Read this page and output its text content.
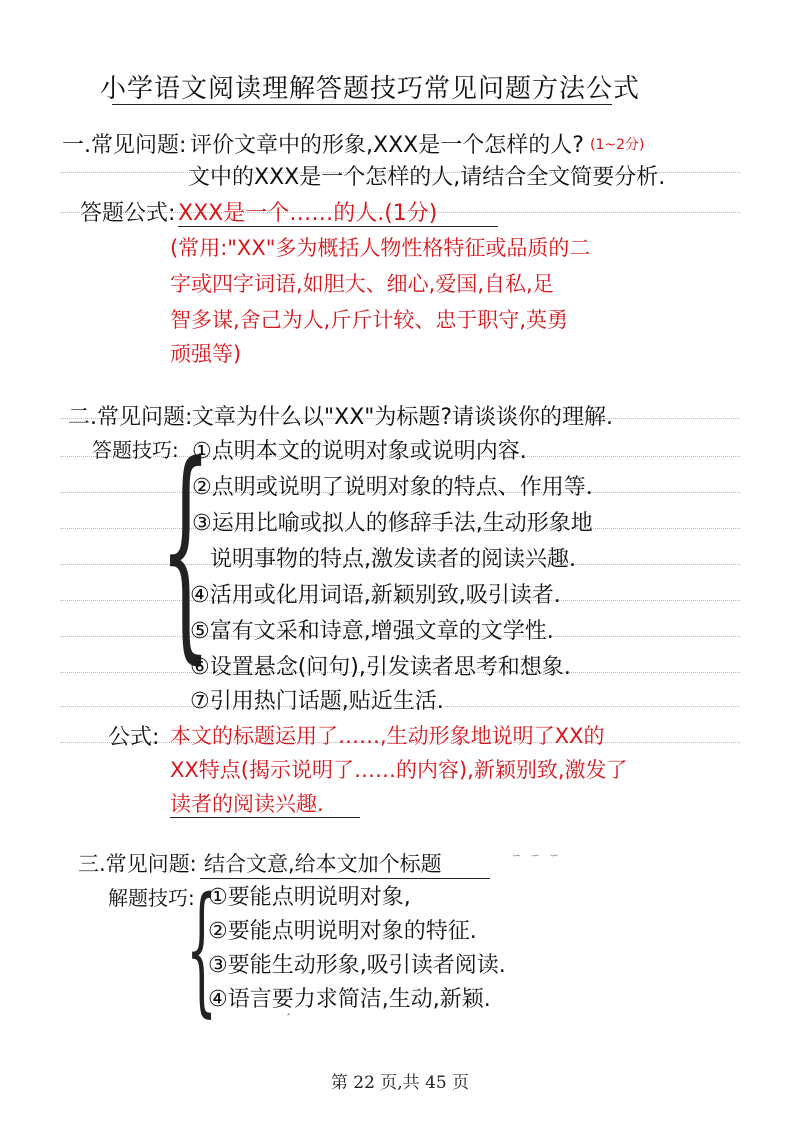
小学语文阅读理解答题技巧常见问题方法公式
一.常见问题: 评价文章中的形象,XXX是一个怎样的人? (1~2分)
文中的XXX是一个怎样的人,请结合全文简要分析.
答题公式: XXX是一个……的人.(1分)
(常用:"XX"多为概括人物性格特征或品质的二
字或四字词语,如胆大、细心,爱国,自私,足
智多谋,舍己为人,斤斤计较、忠于职守,英勇
顽强等)
二.常见问题: 文章为什么以"XX"为标题?请谈谈你的理解.
答题技巧:
{
①点明本文的说明对象或说明内容.
②点明或说明了说明对象的特点、作用等.
③运用比喻或拟人的修辞手法,生动形象地
说明事物的特点,激发读者的阅读兴趣.
④活用或化用词语,新颖别致,吸引读者.
⑤富有文采和诗意,增强文章的文学性.
⑥设置悬念(问句),引发读者思考和想象.
⑦引用热门话题,贴近生活.
公式: 本文的标题运用了……,生动形象地说明了XX的
XX特点(揭示说明了……的内容),新颖别致,激发了
读者的阅读兴趣.
三.常见问题: 结合文意,给本文加个标题	∽ ∽ ∽
解题技巧:
{
①要能点明说明对象,
②要能点明说明对象的特征.
③要能生动形象,吸引读者阅读.
④语言要力求简洁,生动,新颖.
ˊ
第 22 页,共 45 页
